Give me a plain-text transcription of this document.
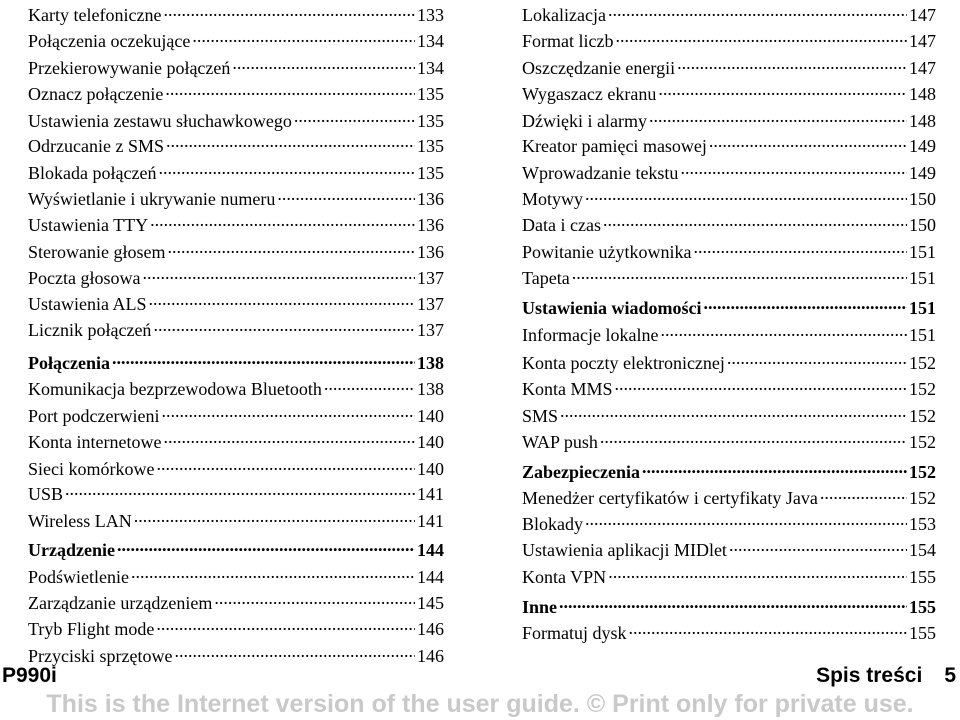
Karty telefoniczne .....	133
Połączenia oczekujące .....	134
Przekierowywanie połączeń .....	134
Oznacz połączenie .....	135
Ustawienia zestawu słuchawkowego .....	135
Odrzucanie z SMS .....	135
Blokada połączeń .....	135
Wyświetlanie i ukrywanie numeru .....	136
Ustawienia TTY .....	136
Sterowanie głosem .....	136
Poczta głosowa .....	137
Ustawienia ALS .....	137
Licznik połączeń .....	137
Połączenia .....	138
Komunikacja bezprzewodowa Bluetooth .....	138
Port podczerwieni .....	140
Konta internetowe .....	140
Sieci komórkowe .....	140
USB .....	141
Wireless LAN .....	141
Urządzenie .....	144
Podświetlenie .....	144
Zarządzanie urządzeniem .....	145
Tryb Flight mode .....	146
Przyciski sprzętowe .....	146
Lokalizacja .....	147
Format liczb .....	147
Oszczędzanie energii .....	147
Wygaszacz ekranu .....	148
Dźwięki i alarmy .....	148
Kreator pamięci masowej .....	149
Wprowadzanie tekstu .....	149
Motywy .....	150
Data i czas .....	150
Powitanie użytkownika .....	151
Tapeta .....	151
Ustawienia wiadomości .....	151
Informacje lokalne .....	151
Konta poczty elektronicznej .....	152
Konta MMS .....	152
SMS .....	152
WAP push .....	152
Zabezpieczenia .....	152
Menedżer certyfikatów i certyfikaty Java .....	152
Blokady .....	153
Ustawienia aplikacji MIDlet .....	154
Konta VPN .....	155
Inne .....	155
Formatuj dysk .....	155
P990i	Spis treści 5
This is the Internet version of the user guide. © Print only for private use.
